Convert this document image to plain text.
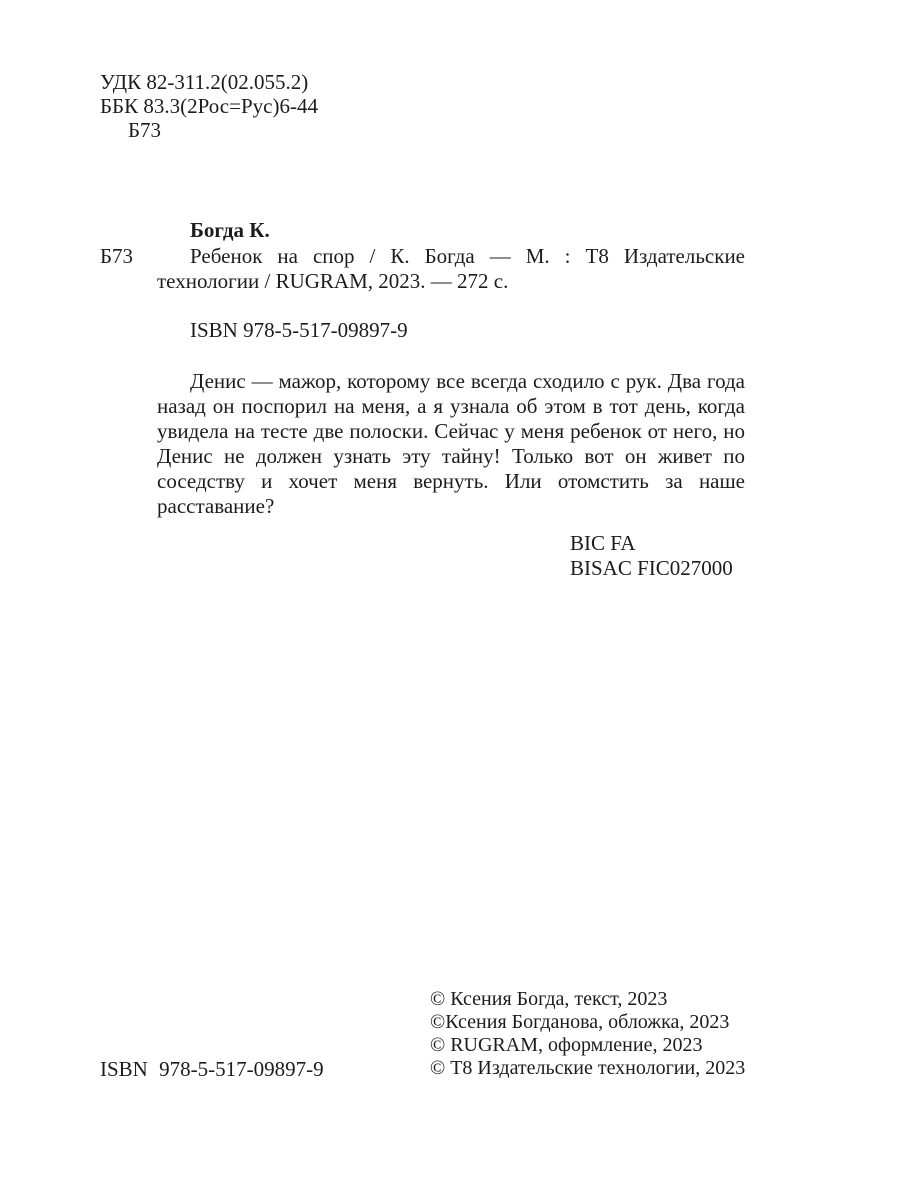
УДК 82-311.2(02.055.2)
ББК 83.3(2Рос=Рус)6-44
Б73

Богда К.

Б73	Ребенок на спор / К. Богда — М. : Т8 Издательские технологии / RUGRAM, 2023. — 272 с.

ISBN 978-5-517-09897-9

Денис — мажор, которому все всегда сходило с рук. Два года назад он поспорил на меня, а я узнала об этом в тот день, когда увидела на тесте две полоски. Сейчас у меня ребенок от него, но Денис не должен узнать эту тайну! Только вот он живет по соседству и хочет меня вернуть. Или отомстить за наше расставание?

BIC FA
BISAC FIC027000
© Ксения Богда, текст, 2023
©Ксения Богданова, обложка, 2023
© RUGRAM, оформление, 2023
© Т8 Издательские технологии, 2023
ISBN 978-5-517-09897-9
